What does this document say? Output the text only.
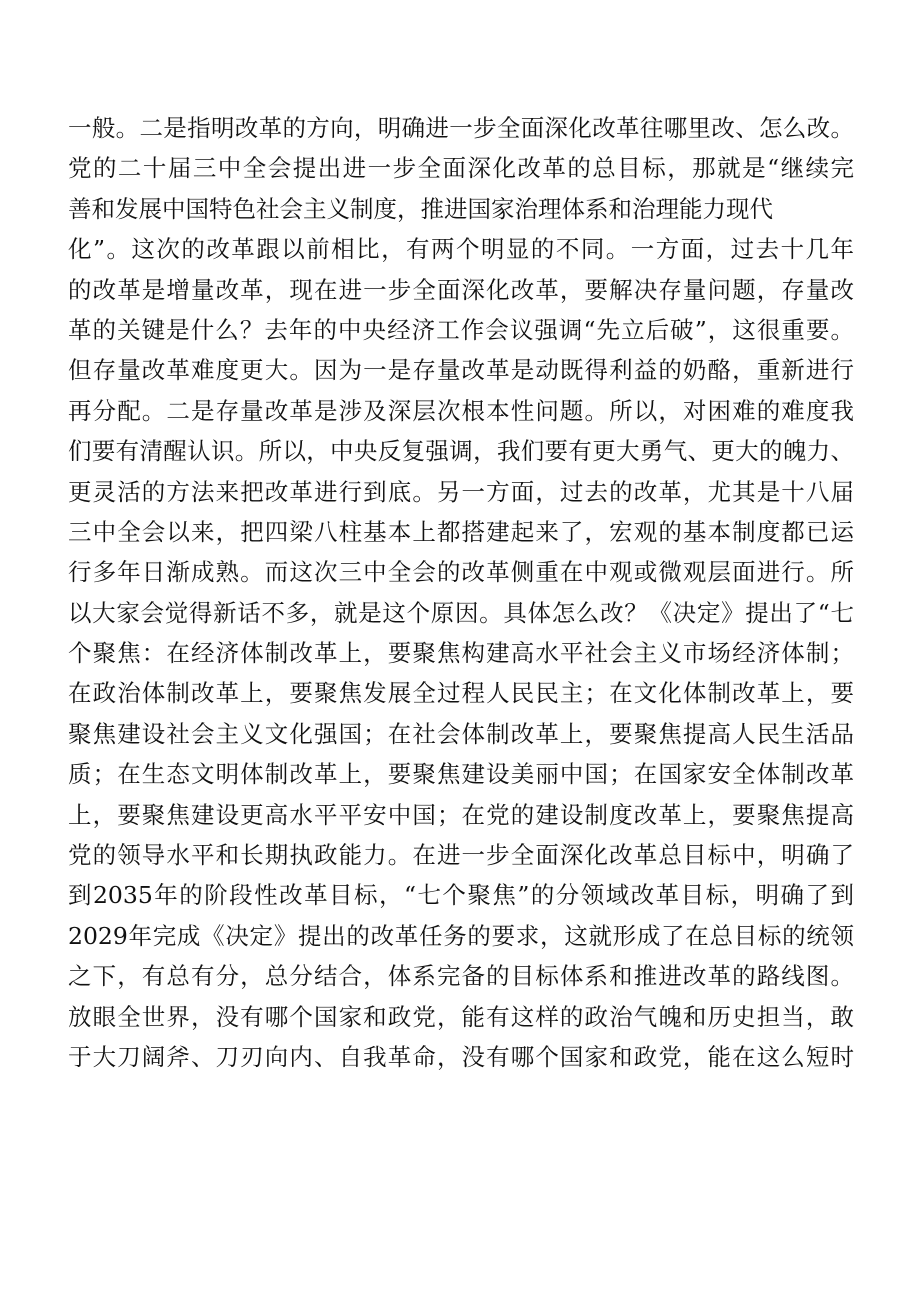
一般。二是指明改革的方向，明确进一步全面深化改革往哪里改、怎么改。
党的二十届三中全会提出进一步全面深化改革的总目标，那就是“继续完
善和发展中国特色社会主义制度，推进国家治理体系和治理能力现代
化”。这次的改革跟以前相比，有两个明显的不同。一方面，过去十几年
的改革是增量改革，现在进一步全面深化改革，要解决存量问题，存量改
革的关键是什么？去年的中央经济工作会议强调“先立后破”，这很重要。
但存量改革难度更大。因为一是存量改革是动既得利益的奶酪，重新进行
再分配。二是存量改革是涉及深层次根本性问题。所以，对困难的难度我
们要有清醒认识。所以，中央反复强调，我们要有更大勇气、更大的魄力、
更灵活的方法来把改革进行到底。另一方面，过去的改革，尤其是十八届
三中全会以来，把四梁八柱基本上都搭建起来了，宏观的基本制度都已运
行多年日渐成熟。而这次三中全会的改革侧重在中观或微观层面进行。所
以大家会觉得新话不多，就是这个原因。具体怎么改？《决定》提出了“七
个聚焦：在经济体制改革上，要聚焦构建高水平社会主义市场经济体制；
在政治体制改革上，要聚焦发展全过程人民民主；在文化体制改革上，要
聚焦建设社会主义文化强国；在社会体制改革上，要聚焦提高人民生活品
质；在生态文明体制改革上，要聚焦建设美丽中国；在国家安全体制改革
上，要聚焦建设更高水平平安中国；在党的建设制度改革上，要聚焦提高
党的领导水平和长期执政能力。在进一步全面深化改革总目标中，明确了
到2035年的阶段性改革目标，“七个聚焦”的分领域改革目标，明确了到
2029年完成《决定》提出的改革任务的要求，这就形成了在总目标的统领
之下，有总有分，总分结合，体系完备的目标体系和推进改革的路线图。
放眼全世界，没有哪个国家和政党，能有这样的政治气魄和历史担当，敢
于大刀阔斧、刀刃向内、自我革命，没有哪个国家和政党，能在这么短时
